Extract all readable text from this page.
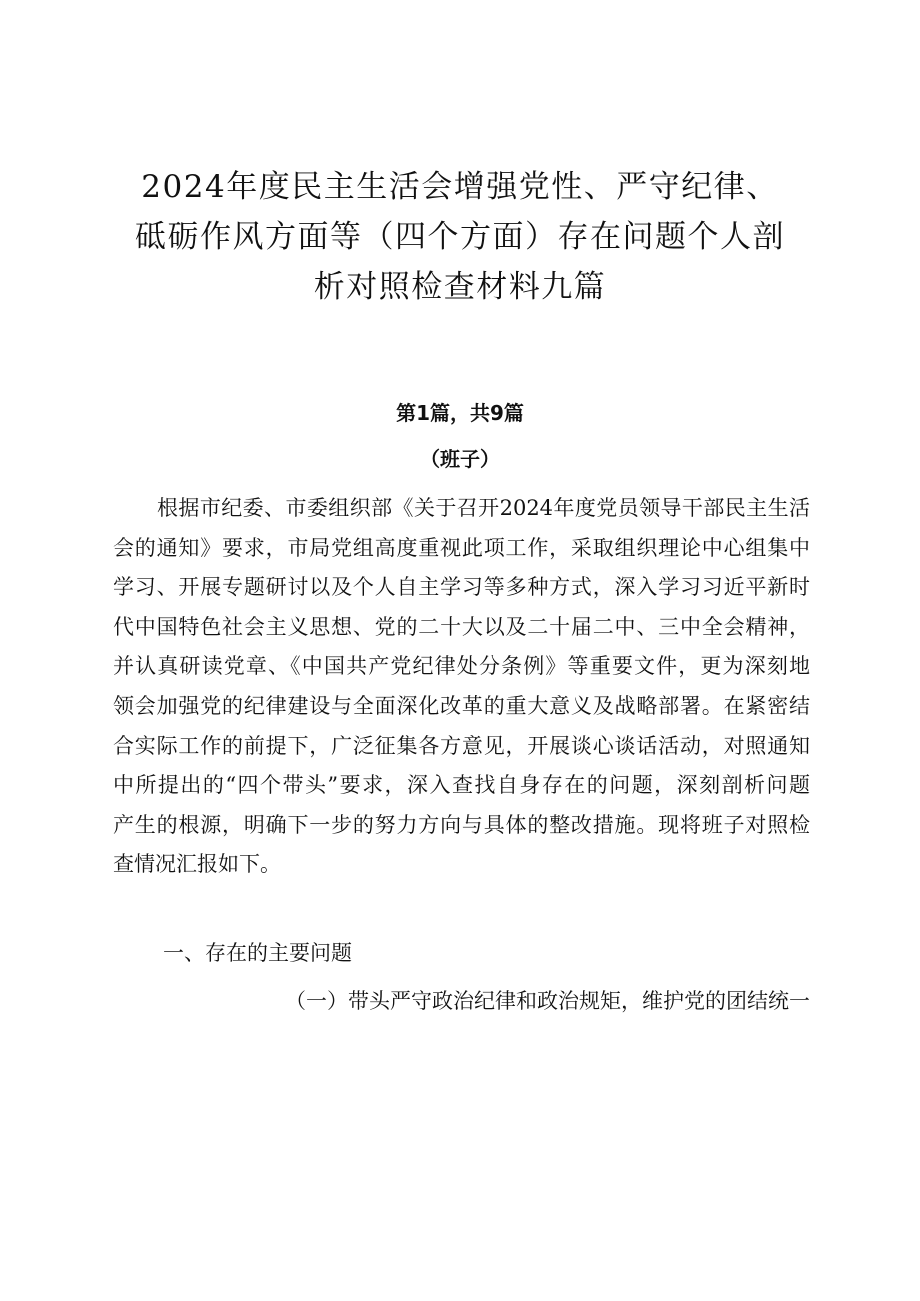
2024年度民主生活会增强党性、严守纪律、
砥砺作风方面等（四个方面）存在问题个人剖
析对照检查材料九篇
第1篇，共9篇
（班子）
根据市纪委、市委组织部《关于召开2024年度党员领导干部民主生活
会的通知》要求，市局党组高度重视此项工作，采取组织理论中心组集中
学习、开展专题研讨以及个人自主学习等多种方式，深入学习习近平新时
代中国特色社会主义思想、党的二十大以及二十届二中、三中全会精神，
并认真研读党章、《中国共产党纪律处分条例》等重要文件，更为深刻地
领会加强党的纪律建设与全面深化改革的重大意义及战略部署。在紧密结
合实际工作的前提下，广泛征集各方意见，开展谈心谈话活动，对照通知
中所提出的“四个带头”要求，深入查找自身存在的问题，深刻剖析问题
产生的根源，明确下一步的努力方向与具体的整改措施。现将班子对照检
查情况汇报如下。
一、存在的主要问题
（一）带头严守政治纪律和政治规矩，维护党的团结统一
